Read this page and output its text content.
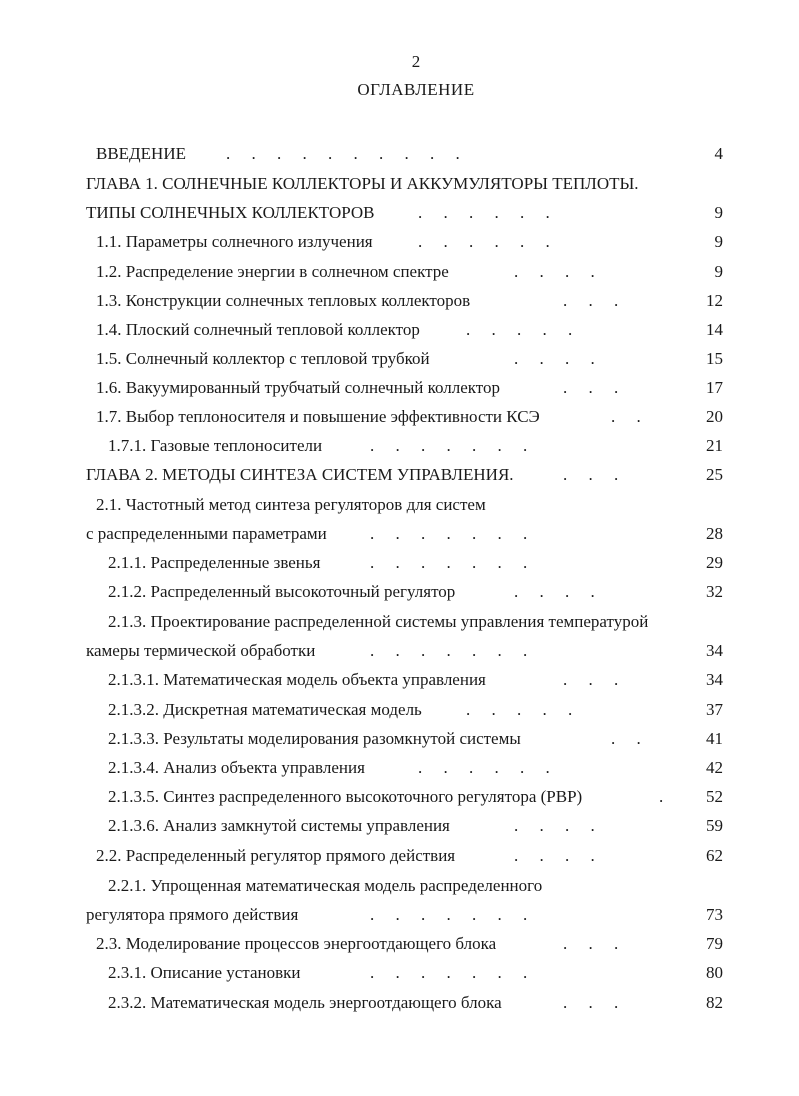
2
ОГЛАВЛЕНИЕ
ВВЕДЕНИЕ .     .     .     .     .     .     .     .     .     .	4
ГЛАВА 1. СОЛНЕЧНЫЕ КОЛЛЕКТОРЫ И АККУМУЛЯТОРЫ ТЕПЛОТЫ.
ТИПЫ СОЛНЕЧНЫХ КОЛЛЕКТОРОВ	.     .     .     .     .     .	9
1.1. Параметры солнечного излучения	.     .     .     .     .     .	9
1.2. Распределение энергии в солнечном спектре	.     .     .     .	9
1.3. Конструкции солнечных тепловых коллекторов	.     .     .	12
1.4. Плоский солнечный тепловой коллектор	.     .     .     .     .	14
1.5. Солнечный коллектор с тепловой трубкой	.     .     .     .	15
1.6. Вакуумированный трубчатый солнечный коллектор	.     .     .	17
1.7. Выбор теплоносителя и повышение эффективности КСЭ	.     .	20
1.7.1. Газовые теплоносители	.     .     .     .     .     .     .	21
ГЛАВА 2. МЕТОДЫ СИНТЕЗА СИСТЕМ УПРАВЛЕНИЯ.	.     .     .	25
2.1. Частотный метод синтеза регуляторов для систем
с распределенными параметрами	.     .     .     .     .     .     .	28
2.1.1. Распределенные звенья	.     .     .     .     .     .     .	29
2.1.2. Распределенный высокоточный регулятор	.     .     .     .	32
2.1.3. Проектирование распределенной системы управления температурой
камеры термической обработки	.     .     .     .     .     .     .	34
2.1.3.1. Математическая модель объекта управления	.     .     .	34
2.1.3.2. Дискретная математическая модель	.     .     .     .     .	37
2.1.3.3. Результаты моделирования разомкнутой системы	.     .	41
2.1.3.4. Анализ объекта управления	.     .     .     .     .     .	42
2.1.3.5. Синтез распределенного высокоточного регулятора (РВР)	.	52
2.1.3.6. Анализ замкнутой системы управления	.     .     .     .	59
2.2. Распределенный регулятор прямого действия	.     .     .     .	62
2.2.1. Упрощенная математическая модель распределенного
регулятора прямого действия	.     .     .     .     .     .     .	73
2.3. Моделирование процессов энергоотдающего блока	.     .     .	79
2.3.1. Описание установки	.     .     .     .     .     .     .	80
2.3.2. Математическая модель энергоотдающего блока	.     .     .	82
